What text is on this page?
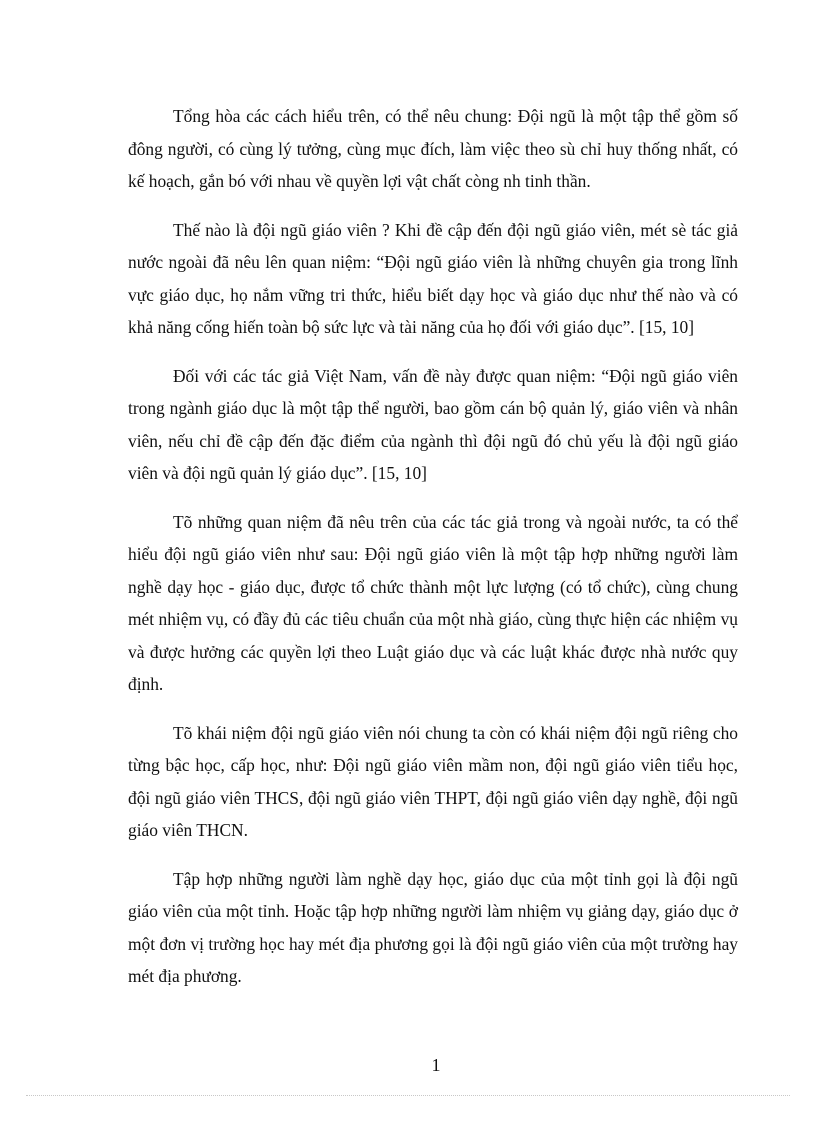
Tổng hòa các cách hiểu trên, có thể nêu chung: Đội ngũ là một tập thể gồm số đông người, có cùng lý tưởng, cùng mục đích, làm việc theo sù chỉ huy thống nhất, có kế hoạch, gắn bó với nhau về quyền lợi vật chất còng nh tinh thần.

Thế nào là đội ngũ giáo viên ? Khi đề cập đến đội ngũ giáo viên, mét sè tác giả nước ngoài đã nêu lên quan niệm: “Đội ngũ giáo viên là những chuyên gia trong lĩnh vực giáo dục, họ nắm vững tri thức, hiểu biết dạy học và giáo dục như thế nào và có khả năng cống hiến toàn bộ sức lực và tài năng của họ đối với giáo dục”. [15, 10]

Đối với các tác giả Việt Nam, vấn đề này được quan niệm: “Đội ngũ giáo viên trong ngành giáo dục là một tập thể người, bao gồm cán bộ quản lý, giáo viên và nhân viên, nếu chỉ đề cập đến đặc điểm của ngành thì đội ngũ đó chủ yếu là đội ngũ giáo viên và đội ngũ quản lý giáo dục”. [15, 10]

Tõ những quan niệm đã nêu trên của các tác giả trong và ngoài nước, ta có thể hiểu đội ngũ giáo viên như sau: Đội ngũ giáo viên là một tập hợp những người làm nghề dạy học - giáo dục, được tổ chức thành một lực lượng (có tổ chức), cùng chung mét nhiệm vụ, có đầy đủ các tiêu chuẩn của một nhà giáo, cùng thực hiện các nhiệm vụ và được hưởng các quyền lợi theo Luật giáo dục và các luật khác được nhà nước quy định.

Tõ khái niệm đội ngũ giáo viên nói chung ta còn có khái niệm đội ngũ riêng cho từng bậc học, cấp học, như: Đội ngũ giáo viên mầm non, đội ngũ giáo viên tiểu học, đội ngũ giáo viên THCS, đội ngũ giáo viên THPT, đội ngũ giáo viên dạy nghề, đội ngũ giáo viên THCN.

Tập hợp những người làm nghề dạy học, giáo dục của một tỉnh gọi là đội ngũ giáo viên của một tỉnh. Hoặc tập hợp những người làm nhiệm vụ giảng dạy, giáo dục ở một đơn vị trường học hay mét địa phương gọi là đội ngũ giáo viên của một trường hay mét địa phương.

1
